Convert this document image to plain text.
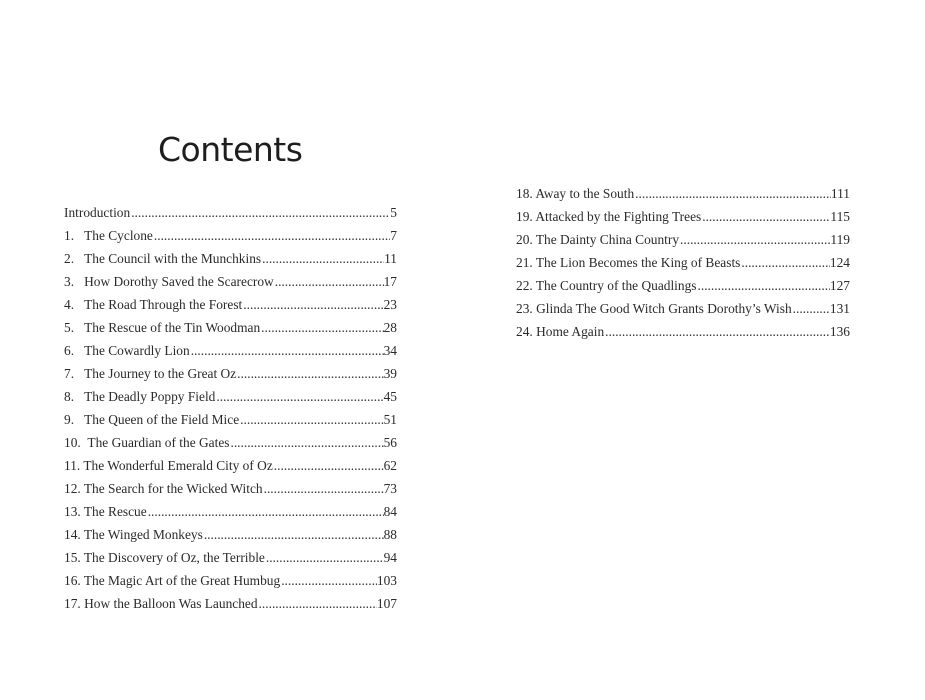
Contents
Introduction .....	5
1.   The Cyclone .....	7
2.   The Council with the Munchkins .....	11
3.   How Dorothy Saved the Scarecrow .....	17
4.   The Road Through the Forest .....	23
5.   The Rescue of the Tin Woodman .....	28
6.   The Cowardly Lion .....	34
7.   The Journey to the Great Oz .....	39
8.   The Deadly Poppy Field .....	45
9.   The Queen of the Field Mice .....	51
10.  The Guardian of the Gates .....	56
11. The Wonderful Emerald City of Oz .....	62
12. The Search for the Wicked Witch .....	73
13. The Rescue .....	84
14. The Winged Monkeys .....	88
15. The Discovery of Oz, the Terrible .....	94
16. The Magic Art of the Great Humbug .....	103
17. How the Balloon Was Launched .....	107
18. Away to the South .....	111
19. Attacked by the Fighting Trees .....	115
20. The Dainty China Country .....	119
21. The Lion Becomes the King of Beasts .....	124
22. The Country of the Quadlings .....	127
23. Glinda The Good Witch Grants Dorothy’s Wish .....	131
24. Home Again .....	136
